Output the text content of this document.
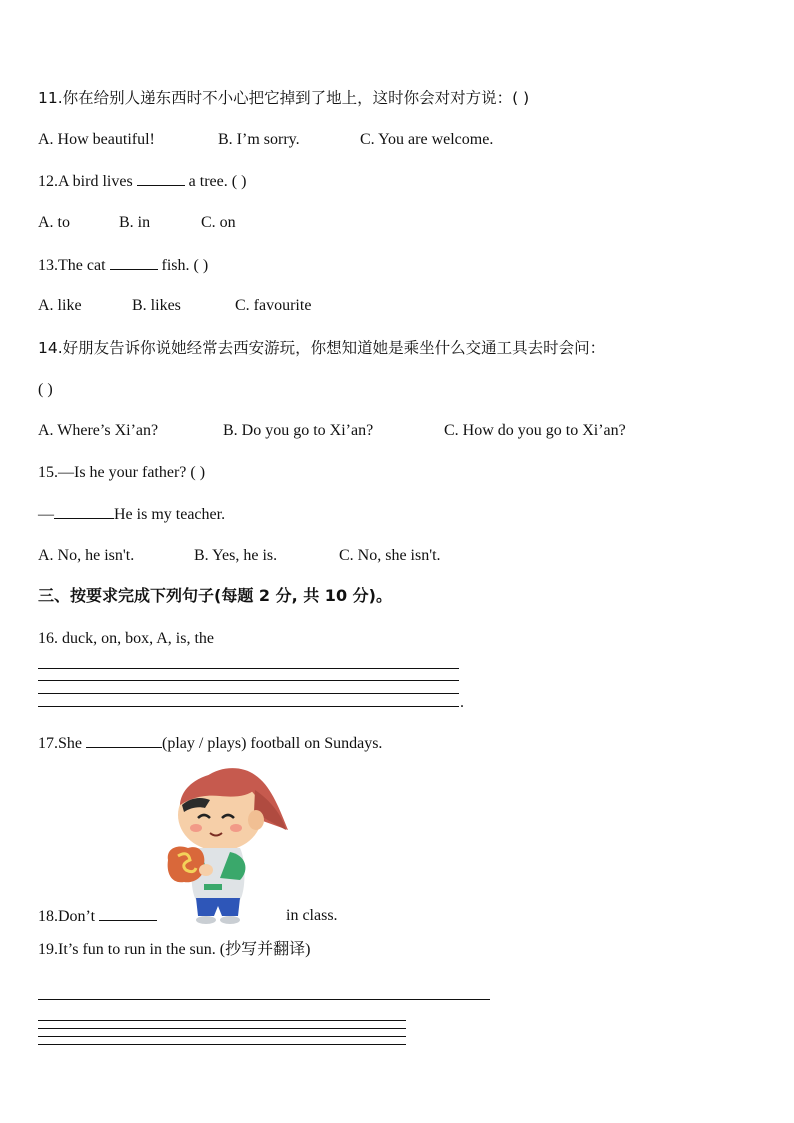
11.你在给别人递东西时不小心把它掉到了地上，这时你会对对方说：( )
A. How beautiful!	B. I’m sorry.	C. You are welcome.
12.A bird lives	a tree. ( )
A. to	B. in	C. on
13.The cat	fish. ( )
A. like	B. likes	C. favourite
14.好朋友告诉你说她经常去西安游玩，你想知道她是乘坐什么交通工具去时会问：
( )
A. Where’s Xi’an?	B. Do you go to Xi’an?	C. How do you go to Xi’an?
15.—Is he your father? ( )
—	He is my teacher.
A. No, he isn't.	B. Yes, he is.	C. No, she isn't.
三、按要求完成下列句子(每题 2 分, 共 10 分)。
16. duck, on, box, A, is, the
.
17.She	(play / plays) football on Sundays.
18.Don’t	in class.
19.It’s fun to run in the sun. (抄写并翻译)
